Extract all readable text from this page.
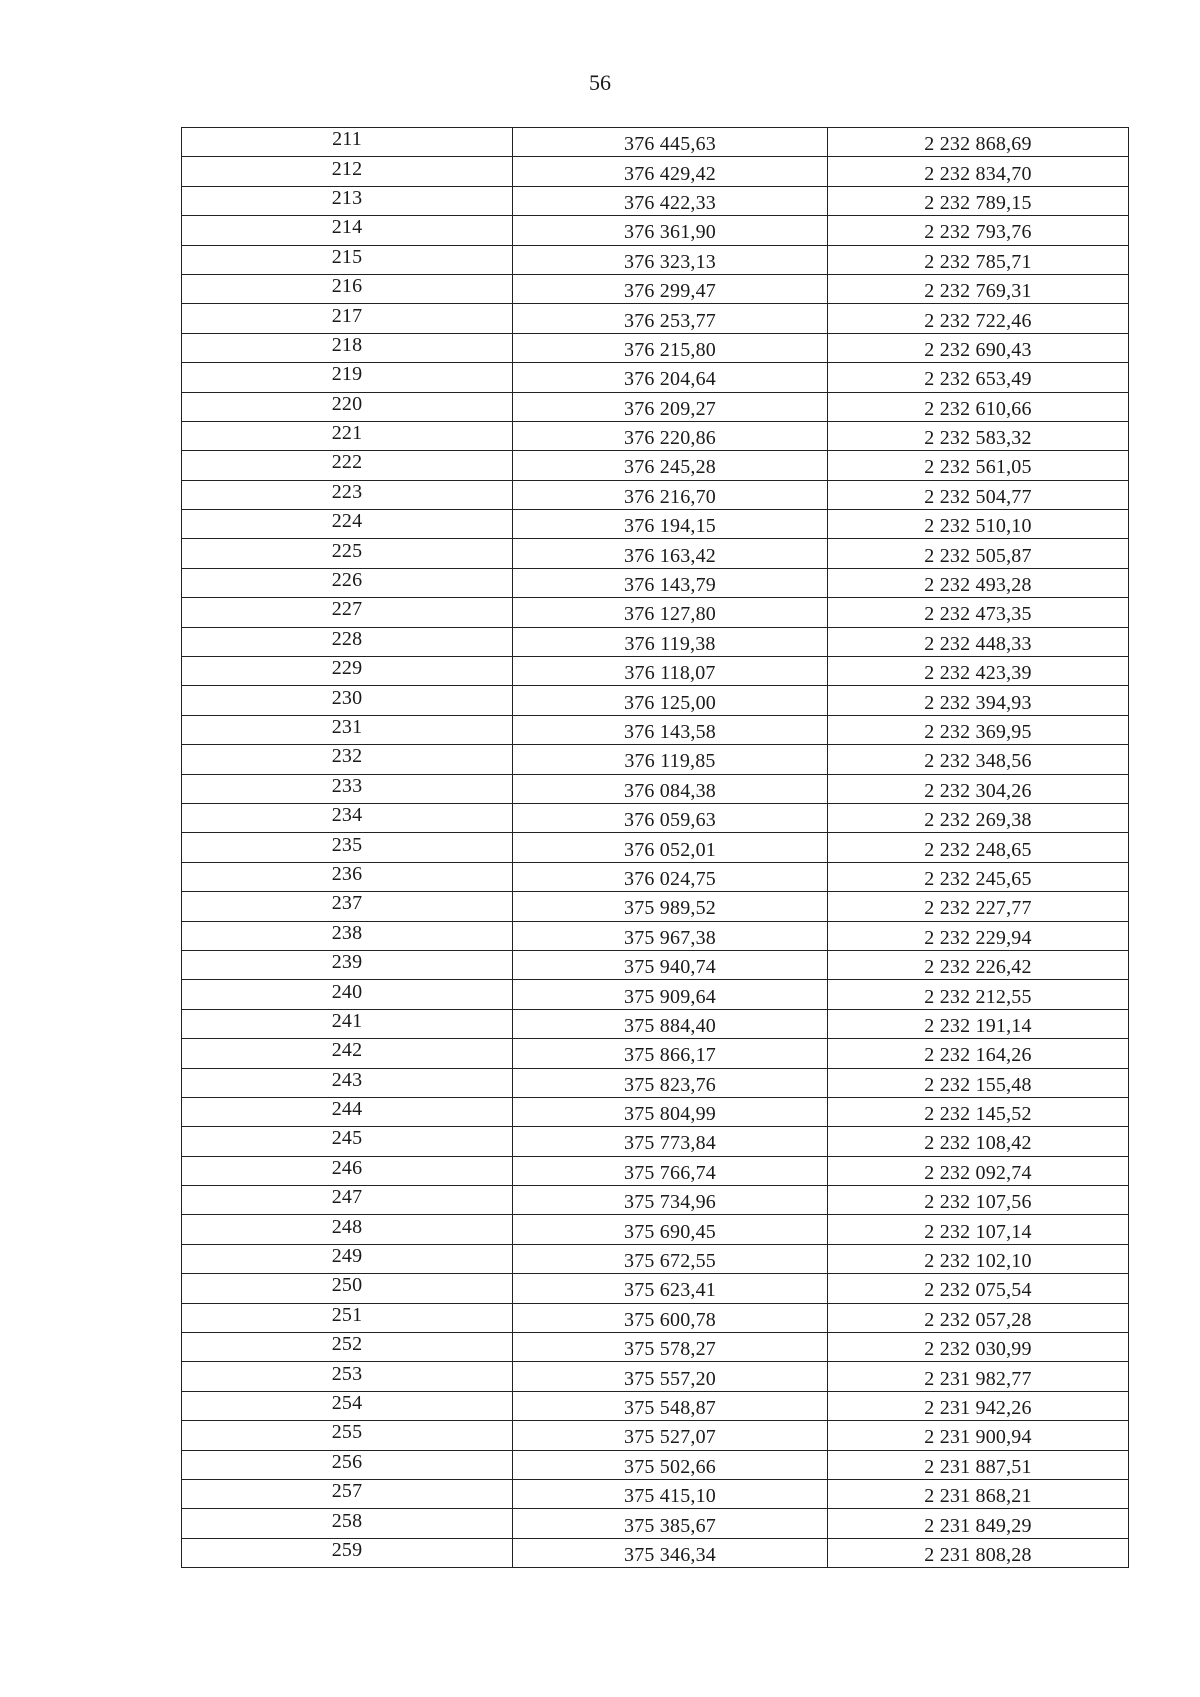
56
211	376 445,63	2 232 868,69
212	376 429,42	2 232 834,70
213	376 422,33	2 232 789,15
214	376 361,90	2 232 793,76
215	376 323,13	2 232 785,71
216	376 299,47	2 232 769,31
217	376 253,77	2 232 722,46
218	376 215,80	2 232 690,43
219	376 204,64	2 232 653,49
220	376 209,27	2 232 610,66
221	376 220,86	2 232 583,32
222	376 245,28	2 232 561,05
223	376 216,70	2 232 504,77
224	376 194,15	2 232 510,10
225	376 163,42	2 232 505,87
226	376 143,79	2 232 493,28
227	376 127,80	2 232 473,35
228	376 119,38	2 232 448,33
229	376 118,07	2 232 423,39
230	376 125,00	2 232 394,93
231	376 143,58	2 232 369,95
232	376 119,85	2 232 348,56
233	376 084,38	2 232 304,26
234	376 059,63	2 232 269,38
235	376 052,01	2 232 248,65
236	376 024,75	2 232 245,65
237	375 989,52	2 232 227,77
238	375 967,38	2 232 229,94
239	375 940,74	2 232 226,42
240	375 909,64	2 232 212,55
241	375 884,40	2 232 191,14
242	375 866,17	2 232 164,26
243	375 823,76	2 232 155,48
244	375 804,99	2 232 145,52
245	375 773,84	2 232 108,42
246	375 766,74	2 232 092,74
247	375 734,96	2 232 107,56
248	375 690,45	2 232 107,14
249	375 672,55	2 232 102,10
250	375 623,41	2 232 075,54
251	375 600,78	2 232 057,28
252	375 578,27	2 232 030,99
253	375 557,20	2 231 982,77
254	375 548,87	2 231 942,26
255	375 527,07	2 231 900,94
256	375 502,66	2 231 887,51
257	375 415,10	2 231 868,21
258	375 385,67	2 231 849,29
259	375 346,34	2 231 808,28
